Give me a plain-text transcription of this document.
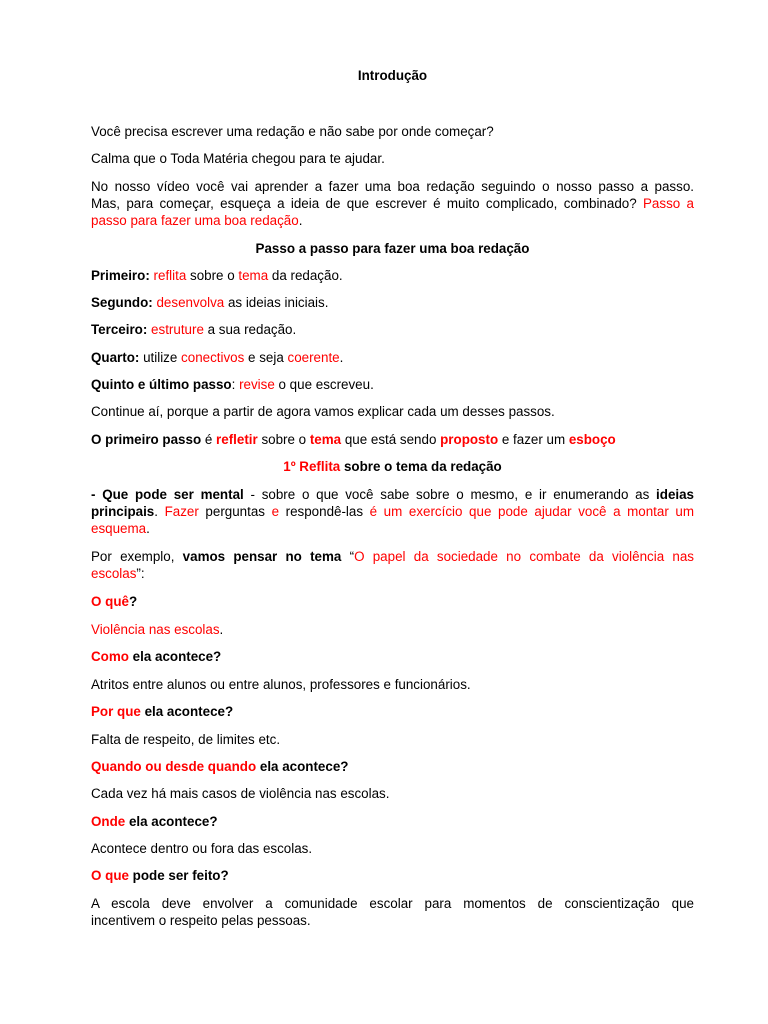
Introdução

Você precisa escrever uma redação e não sabe por onde começar?

Calma que o Toda Matéria chegou para te ajudar.

No nosso vídeo você vai aprender a fazer uma boa redação seguindo o nosso passo a passo.

Mas, para começar, esqueça a ideia de que escrever é muito complicado, combinado? Passo a

passo para fazer uma boa redação.

Passo a passo para fazer uma boa redação

Primeiro: reflita sobre o tema da redação.

Segundo: desenvolva as ideias iniciais.

Terceiro: estruture a sua redação.

Quarto: utilize conectivos e seja coerente.

Quinto e último passo: revise o que escreveu.

Continue aí, porque a partir de agora vamos explicar cada um desses passos.

O primeiro passo é refletir sobre o tema que está sendo proposto e fazer um esboço

1º Reflita sobre o tema da redação

- Que pode ser mental - sobre o que você sabe sobre o mesmo, e ir enumerando as ideias

principais. Fazer perguntas e respondê-las é um exercício que pode ajudar você a montar um

esquema.

Por exemplo, vamos pensar no tema “O papel da sociedade no combate da violência nas

escolas”:

O quê?

Violência nas escolas.

Como ela acontece?

Atritos entre alunos ou entre alunos, professores e funcionários.

Por que ela acontece?

Falta de respeito, de limites etc.

Quando ou desde quando ela acontece?

Cada vez há mais casos de violência nas escolas.

Onde ela acontece?

Acontece dentro ou fora das escolas.

O que pode ser feito?

A escola deve envolver a comunidade escolar para momentos de conscientização que

incentivem o respeito pelas pessoas.
